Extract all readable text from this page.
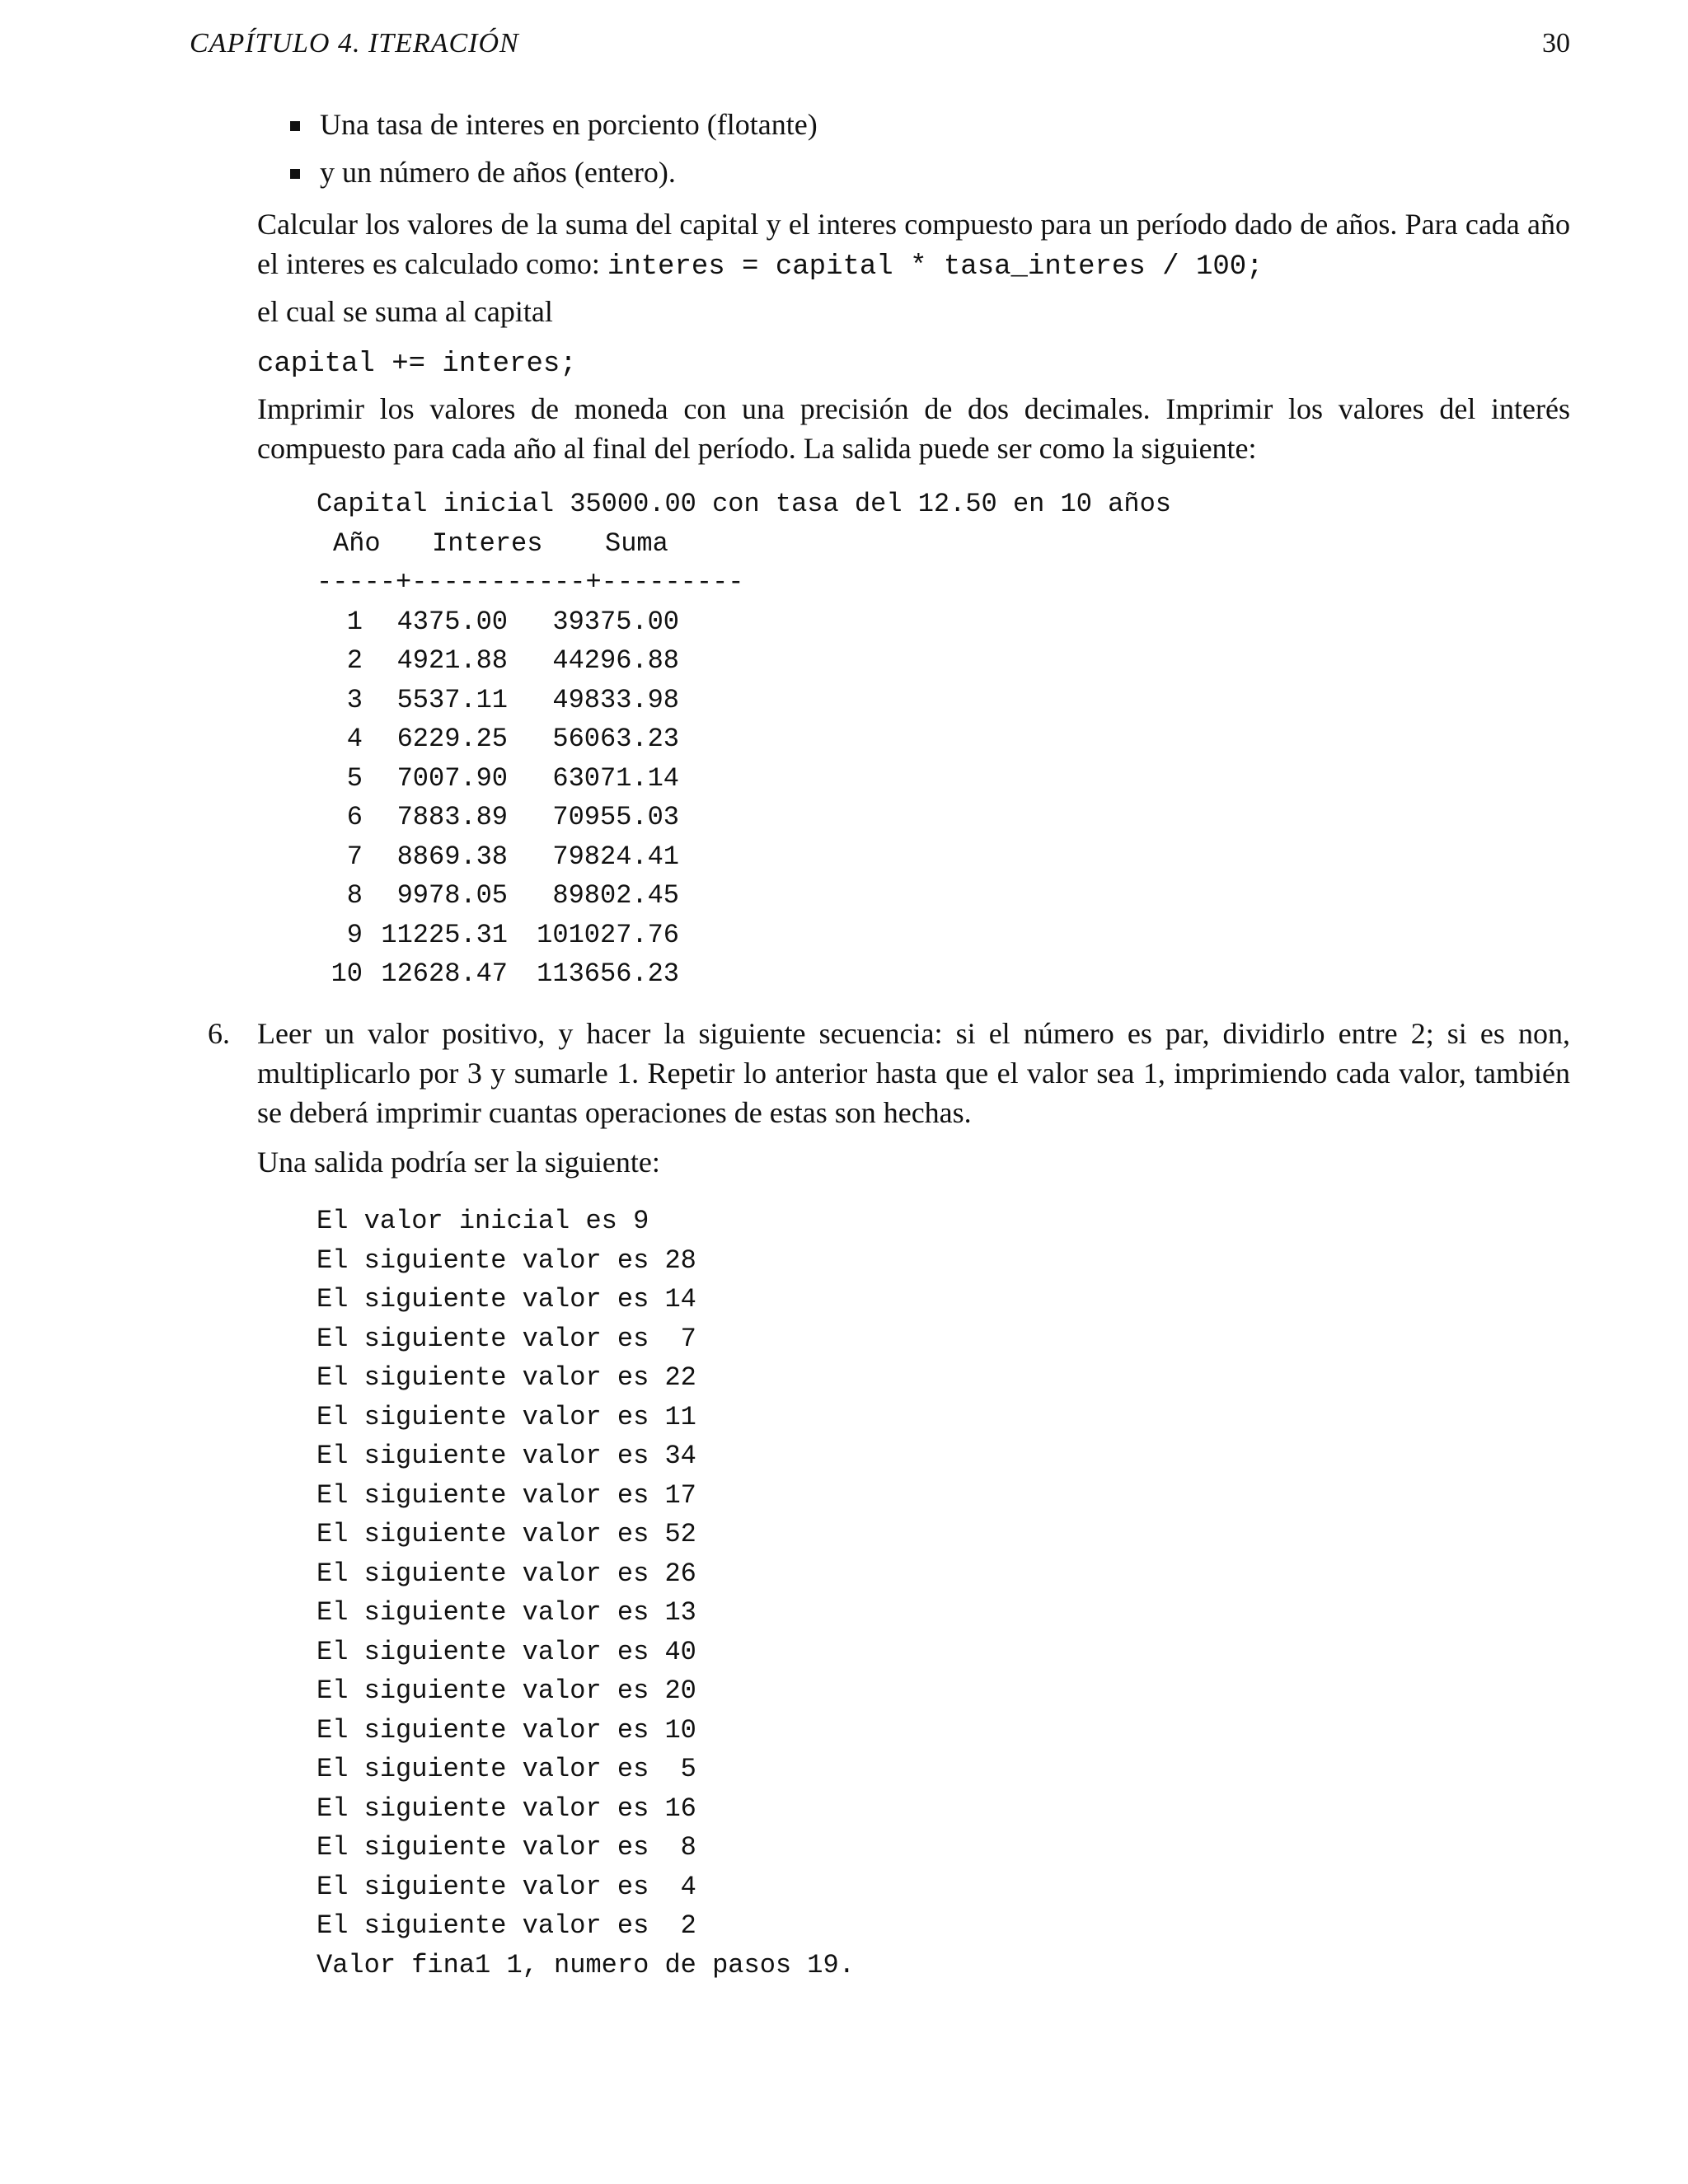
CAPÍTULO 4. ITERACIÓN	30
Una tasa de interes en porciento (flotante)
y un número de años (entero).

Calcular los valores de la suma del capital y el interes compuesto para un período dado de años. Para cada año el interes es calculado como: interes = capital * tasa_interes / 100;

el cual se suma al capital

capital += interes;

Imprimir los valores de moneda con una precisión de dos decimales. Imprimir los valores del interés compuesto para cada año al final del período. La salida puede ser como la siguiente:

Capital inicial 35000.00 con tasa del 12.50 en 10 años
Año Interes Suma
-----+-----------+---------
1	4375.00	39375.00
2	4921.88	44296.88
3	5537.11	49833.98
4	6229.25	56063.23
5	7007.90	63071.14
6	7883.89	70955.03
7	8869.38	79824.41
8	9978.05	89802.45
9 11225.31	101027.76
10 12628.47	113656.23
6. Leer un valor positivo, y hacer la siguiente secuencia: si el número es par, dividirlo entre 2; si es non, multiplicarlo por 3 y sumarle 1. Repetir lo anterior hasta que el valor sea 1, imprimiendo cada valor, también se deberá imprimir cuantas operaciones de estas son hechas.

Una salida podría ser la siguiente:

El valor inicial es 9
El siguiente valor es 28
El siguiente valor es 14
El siguiente valor es  7
El siguiente valor es 22
El siguiente valor es 11
El siguiente valor es 34
El siguiente valor es 17
El siguiente valor es 52
El siguiente valor es 26
El siguiente valor es 13
El siguiente valor es 40
El siguiente valor es 20
El siguiente valor es 10
El siguiente valor es  5
El siguiente valor es 16
El siguiente valor es  8
El siguiente valor es  4
El siguiente valor es  2
Valor fina1 1, numero de pasos 19.
